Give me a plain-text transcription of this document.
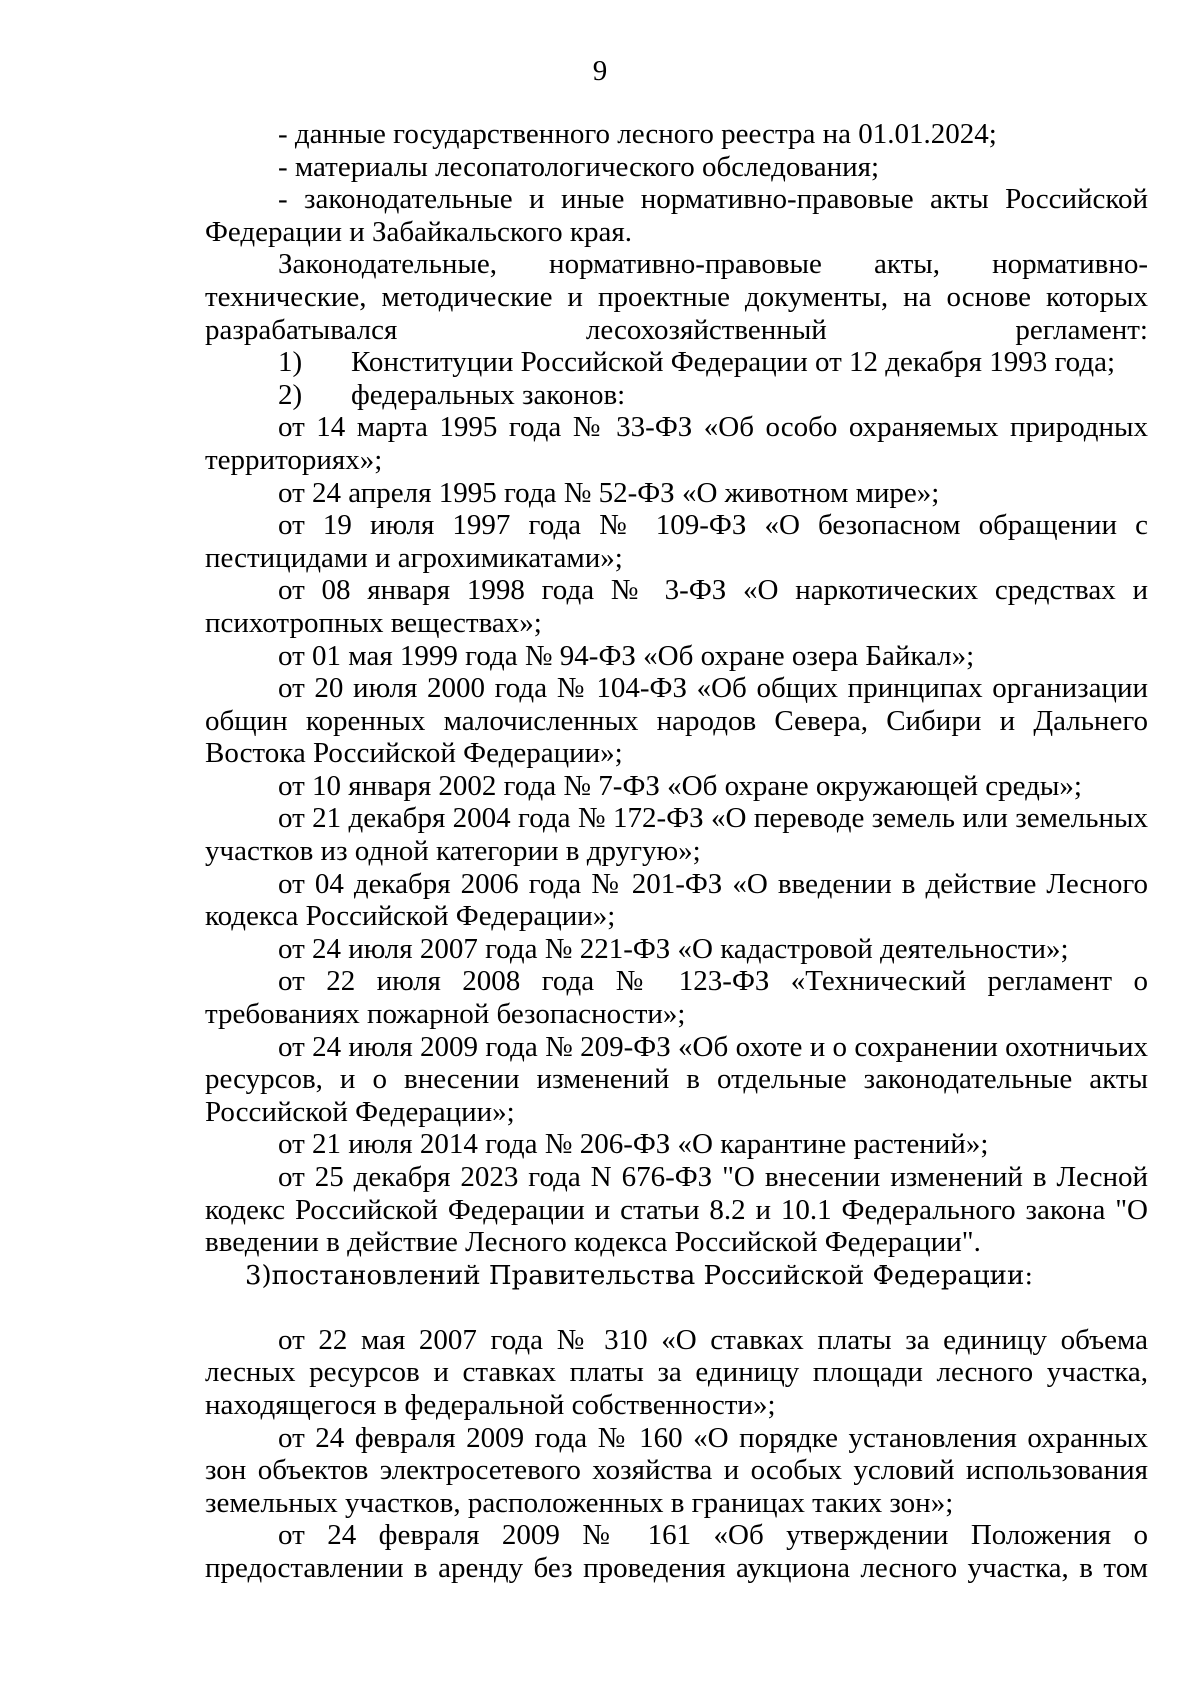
9

- данные государственного лесного реестра на 01.01.2024;

- материалы лесопатологического обследования;

- законодательные и иные нормативно-правовые акты Российской Федерации и Забайкальского края.

Законодательные, нормативно-правовые акты, нормативно-технические, методические и проектные документы, на основе которых разрабатывался лесохозяйственный регламент:

1) Конституции Российской Федерации от 12 декабря 1993 года;
2) федеральных законов:

от 14 марта 1995 года № 33-ФЗ «Об особо охраняемых природных территориях»;

от 24 апреля 1995 года № 52-ФЗ «О животном мире»;

от 19 июля 1997 года № 109-ФЗ «О безопасном обращении с пестицидами и агрохимикатами»;

от 08 января 1998 года № 3-ФЗ «О наркотических средствах и психотропных веществах»;

от 01 мая 1999 года № 94-ФЗ «Об охране озера Байкал»;

от 20 июля 2000 года № 104-ФЗ «Об общих принципах организации общин коренных малочисленных народов Севера, Сибири и Дальнего Востока Российской Федерации»;

от 10 января 2002 года № 7-ФЗ «Об охране окружающей среды»;

от 21 декабря 2004 года № 172-ФЗ «О переводе земель или земельных участков из одной категории в другую»;

от 04 декабря 2006 года № 201-ФЗ «О введении в действие Лесного кодекса Российской Федерации»;

от 24 июля 2007 года № 221-ФЗ «О кадастровой деятельности»;

от 22 июля 2008 года № 123-ФЗ «Технический регламент о требованиях пожарной безопасности»;

от 24 июля 2009 года № 209-ФЗ «Об охоте и о сохранении охотничьих ресурсов, и о внесении изменений в отдельные законодательные акты Российской Федерации»;

от 21 июля 2014 года № 206-ФЗ «О карантине растений»;

от 25 декабря 2023 года N 676-ФЗ "О внесении изменений в Лесной кодекс Российской Федерации и статьи 8.2 и 10.1 Федерального закона "О введении в действие Лесного кодекса Российской Федерации".

3)постановлений Правительства Российской Федерации:

от 22 мая 2007 года № 310 «О ставках платы за единицу объема лесных ресурсов и ставках платы за единицу площади лесного участка, находящегося в федеральной собственности»;

от 24 февраля 2009 года № 160 «О порядке установления охранных зон объектов электросетевого хозяйства и особых условий использования земельных участков, расположенных в границах таких зон»;

от 24 февраля 2009 № 161 «Об утверждении Положения о предоставлении в аренду без проведения аукциона лесного участка, в том
